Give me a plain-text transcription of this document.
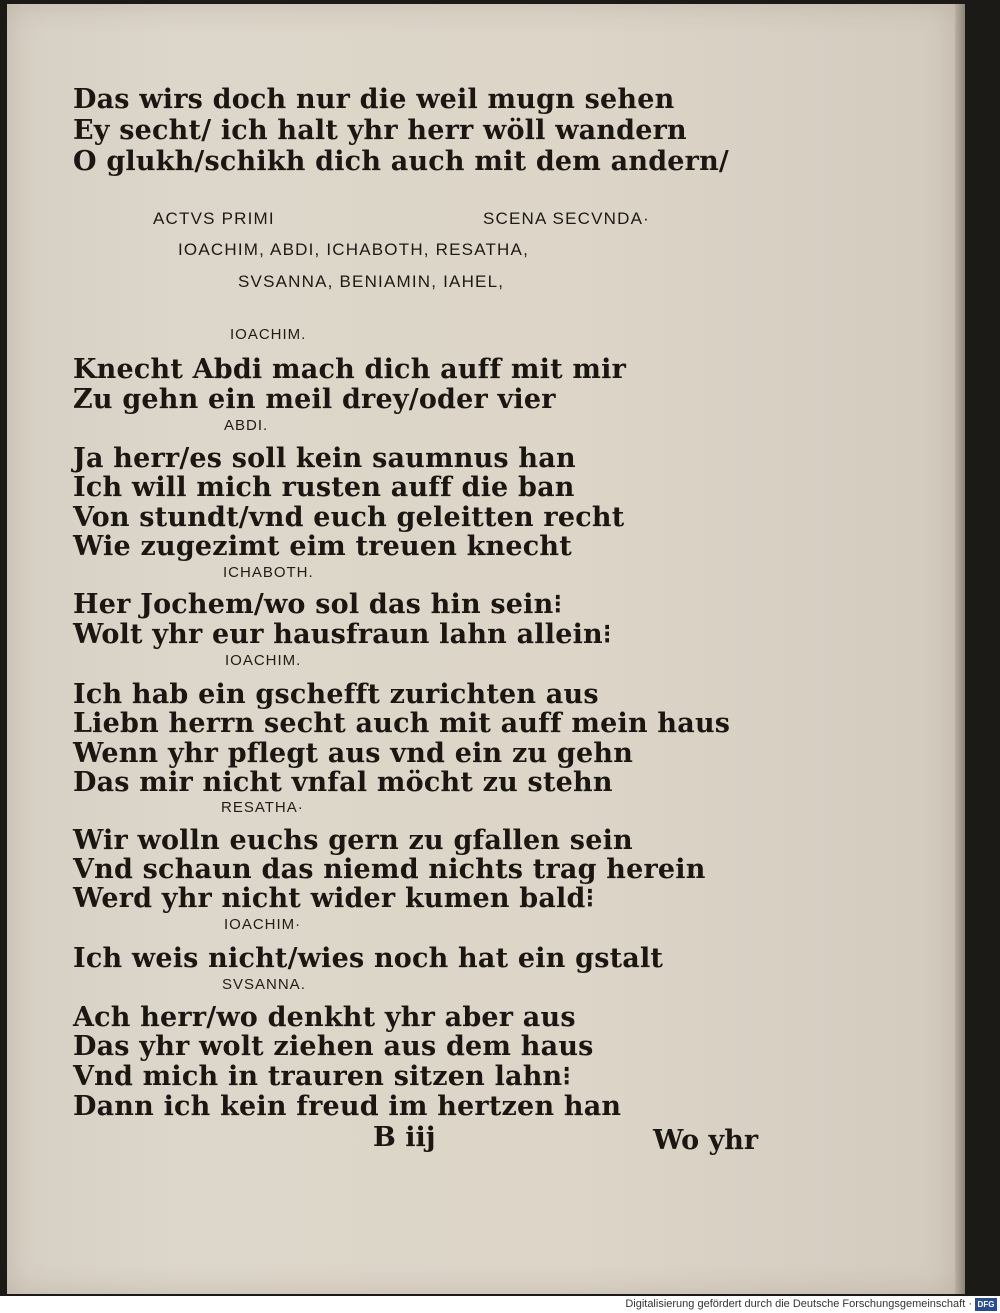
Das wirs doch nur die weil mugn sehen
Ey secht/ ich halt yhr herr wöll wandern
O glukh/schikh dich auch mit dem andern/
ACTVS PRIMI	SCENA SECVNDA·
IOACHIM, ABDI, ICHABOTH, RESATHA,
SVSANNA, BENIAMIN, IAHEL,
IOACHIM.
Knecht Abdi mach dich auff mit mir
Zu gehn ein meil drey/oder vier
ABDI.
Ja herr/es soll kein saumnus han
Ich will mich rusten auff die ban
Von stundt/vnd euch geleitten recht
Wie zugezimt eim treuen knecht
ICHABOTH.
Her Jochem/wo sol das hin sein⁝
Wolt yhr eur hausfraun lahn allein⁝
IOACHIM.
Ich hab ein gschefft zurichten aus
Liebn herrn secht auch mit auff mein haus
Wenn yhr pflegt aus vnd ein zu gehn
Das mir nicht vnfal möcht zu stehn
RESATHA·
Wir wolln euchs gern zu gfallen sein
Vnd schaun das niemd nichts trag herein
Werd yhr nicht wider kumen bald⁝
IOACHIM·
Ich weis nicht/wies noch hat ein gstalt
SVSANNA.
Ach herr/wo denkht yhr aber aus
Das yhr wolt ziehen aus dem haus
Vnd mich in trauren sitzen lahn⁝
Dann ich kein freud im hertzen han
B iij	Wo yhr
Digitalisierung gefördert durch die Deutsche Forschungsgemeinschaft · DFG
